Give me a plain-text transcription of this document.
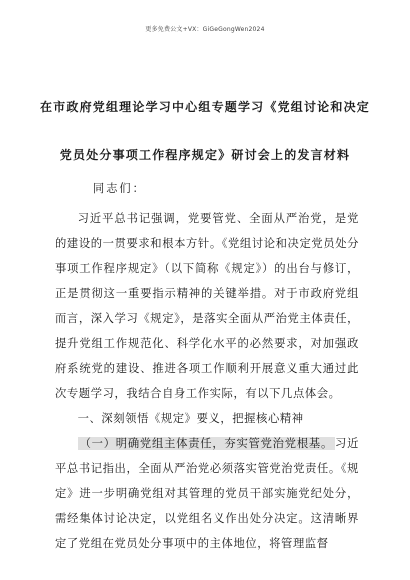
更多免费公文+VX：GiGeGongWen2024
在市政府党组理论学习中心组专题学习《党组讨论和决定
党员处分事项工作程序规定》研讨会上的发言材料
同志们：

习近平总书记强调，党要管党、全面从严治党，是党的建设的一贯要求和根本方针。《党组讨论和决定党员处分事项工作程序规定》（以下简称《规定》）的出台与修订，正是贯彻这一重要指示精神的关键举措。对于市政府党组而言，深入学习《规定》，是落实全面从严治党主体责任，提升党组工作规范化、科学化水平的必然要求，对加强政府系统党的建设、推进各项工作顺利开展意义重大通过此次专题学习，我结合自身工作实际，有以下几点体会。

一、深刻领悟《规定》要义，把握核心精神

（一）明确党组主体责任，夯实管党治党根基。 习近平总书记指出，全面从严治党必须落实管党治党责任。《规定》进一步明确党组对其管理的党员干部实施党纪处分，需经集体讨论决定，以党组名义作出处分决定。这清晰界定了党组在党员处分事项中的主体地位，将管理监督
